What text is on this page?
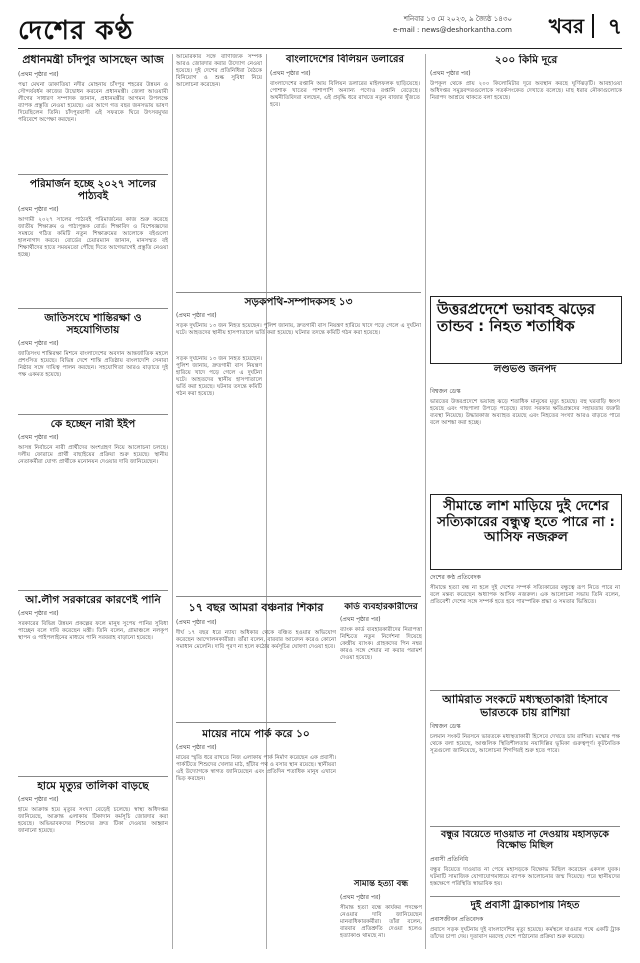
দেশের কণ্ঠ	শনিবার ১৩ মে ২০২৩, ৯ জ্যৈষ্ঠ ১৪৩০
e-mail : news@deshorkantha.com খবর ৭
প্রধানমন্ত্রী চাঁদপুর আসছেন আজ
(প্রথম পৃষ্ঠার পর)
পদ্মা মেঘনা ডাকাতিয়া নদীর মোহনায় চাঁদপুর শহরের উন্নয়ন ও সৌন্দর্যবর্ধন কাজের উদ্বোধন করবেন প্রধানমন্ত্রী। জেলা আওয়ামী লীগের সাধারণ সম্পাদক জানান, প্রধানমন্ত্রীর আগমন উপলক্ষে ব্যাপক প্রস্তুতি নেওয়া হয়েছে। এর আগে গত বছর জনসভায় ভাষণ দিয়েছিলেন তিনি। চাঁদপুরবাসী এই সফরকে ঘিরে উৎসবমুখর পরিবেশে অপেক্ষা করছেন।
পরিমার্জন হচ্ছে ২০২৭ সালের পাঠ্যবই
(প্রথম পৃষ্ঠার পর)
আগামী ২০২৭ সালের পাঠ্যবই পরিমার্জনের কাজ শুরু করেছে জাতীয় শিক্ষাক্রম ও পাঠ্যপুস্তক বোর্ড। শিক্ষাবিদ ও বিশেষজ্ঞদের সমন্বয়ে গঠিত কমিটি নতুন শিক্ষাক্রমের আলোকে বইগুলো হালনাগাদ করবে। বোর্ডের চেয়ারম্যান জানান, মানসম্মত বই শিক্ষার্থীদের হাতে সময়মতো পৌঁছে দিতে আগেভাগেই প্রস্তুতি নেওয়া হচ্ছে।
জাতিসংঘে শান্তিরক্ষা ও সহযোগিতায়
(প্রথম পৃষ্ঠার পর)
জাতিসংঘ শান্তিরক্ষা মিশনে বাংলাদেশের অবদান আন্তর্জাতিক মহলে প্রশংসিত হয়েছে। বিভিন্ন দেশে শান্তি প্রতিষ্ঠায় বাংলাদেশি সেনারা নিষ্ঠার সঙ্গে দায়িত্ব পালন করছেন। সহযোগিতা আরও বাড়াতে দুই পক্ষ একমত হয়েছে।
কে হচ্ছেন নারী ইইপ
(প্রথম পৃষ্ঠার পর)
আসন্ন নির্বাচনে নারী প্রার্থীদের অংশগ্রহণ নিয়ে আলোচনা চলছে। দলীয় ফোরামে প্রার্থী বাছাইয়ের প্রক্রিয়া শুরু হয়েছে। স্থানীয় নেতাকর্মীরা যোগ্য প্রার্থীকে মনোনয়ন দেওয়ার দাবি জানিয়েছেন।
আ.লীগ সরকারের কারণেই পানি
(প্রথম পৃষ্ঠার পর)
সরকারের বিভিন্ন উন্নয়ন প্রকল্পের ফলে মানুষ সুপেয় পানির সুবিধা পাচ্ছেন বলে দাবি করেছেন মন্ত্রী। তিনি বলেন, গ্রামাঞ্চলে নলকূপ স্থাপন ও পাইপলাইনের মাধ্যমে পানি সরবরাহ বাড়ানো হয়েছে।
হামে মৃত্যুর তালিকা বাড়ছে
(প্রথম পৃষ্ঠার পর)
হামে আক্রান্ত হয়ে মৃত্যুর সংখ্যা বেড়েই চলেছে। স্বাস্থ্য অধিদপ্তর জানিয়েছে, আক্রান্ত এলাকায় টিকাদান কর্মসূচি জোরদার করা হয়েছে। অভিভাবকদের শিশুদের দ্রুত টিকা দেওয়ার আহ্বান জানানো হয়েছে।
আমেরিকার সঙ্গে বাণিজ্যিক সম্পর্ক আরও জোরদার করার উদ্যোগ নেওয়া হয়েছে। দুই দেশের প্রতিনিধিরা বৈঠকে বিনিয়োগ ও শুল্ক সুবিধা নিয়ে আলোচনা করেছেন।
বাংলাদেশের বিলিয়ন ডলারের
(প্রথম পৃষ্ঠার পর)
বাংলাদেশের রপ্তানি আয় বিলিয়ন ডলারের মাইলফলক ছাড়িয়েছে। পোশাক খাতের পাশাপাশি অন্যান্য পণ্যেও রপ্তানি বেড়েছে। অর্থনীতিবিদরা বলছেন, এই প্রবৃদ্ধি ধরে রাখতে নতুন বাজার খুঁজতে হবে।
সড়কপথি-সম্পাদকসহ ১৩
(প্রথম পৃষ্ঠার পর)
সড়ক দুর্ঘটনায় ১৩ জন নিহত হয়েছেন। পুলিশ জানায়, দ্রুতগামী বাস নিয়ন্ত্রণ হারিয়ে খাদে পড়ে গেলে এ দুর্ঘটনা ঘটে। আহতদের স্থানীয় হাসপাতালে ভর্তি করা হয়েছে। ঘটনার তদন্তে কমিটি গঠন করা হয়েছে।
১৭ বছর আমরা বঞ্চনার শিকার
(প্রথম পৃষ্ঠার পর)
দীর্ঘ ১৭ বছর ধরে ন্যায্য অধিকার থেকে বঞ্চিত হওয়ার অভিযোগ করেছেন আন্দোলনকারীরা। তাঁরা বলেন, বারবার আবেদন করেও কোনো সমাধান মেলেনি। দাবি পূরণ না হলে কঠোর কর্মসূচির ঘোষণা দেওয়া হবে।
মায়ের নামে পার্ক করে ১০
(প্রথম পৃষ্ঠার পর)
মায়ের স্মৃতি ধরে রাখতে নিজ এলাকায় পার্ক নির্মাণ করেছেন এক প্রবাসী। পার্কটিতে শিশুদের খেলার মাঠ, হাঁটার পথ ও বসার স্থান রয়েছে। স্থানীয়রা এই উদ্যোগকে স্বাগত জানিয়েছেন এবং প্রতিদিন শতাধিক মানুষ এখানে ভিড় করছেন।
কার্ড ব্যবহারকারীদের
(প্রথম পৃষ্ঠার পর)
ব্যাংক কার্ড ব্যবহারকারীদের নিরাপত্তা নিশ্চিতে নতুন নির্দেশনা দিয়েছে কেন্দ্রীয় ব্যাংক। গ্রাহকদের পিন নম্বর কারও সঙ্গে শেয়ার না করার পরামর্শ দেওয়া হয়েছে।
২০০ কিমি দূরে
(প্রথম পৃষ্ঠার পর)
উপকূল থেকে প্রায় ২০০ কিলোমিটার দূরে অবস্থান করছে ঘূর্ণিঝড়টি। আবহাওয়া অধিদপ্তর সমুদ্রবন্দরগুলোকে সতর্কসংকেত দেখাতে বলেছে। মাছ ধরার নৌকাগুলোকে নিরাপদ আশ্রয়ে থাকতে বলা হয়েছে।
উত্তরপ্রদেশে ভয়াবহ ঝড়ের তান্ডব : নিহত শতাধিক
লণ্ডভণ্ড জনপদ
বিশ্বজন ডেস্ক
ভারতের উত্তরপ্রদেশে ভয়াবহ ঝড়ে শতাধিক মানুষের মৃত্যু হয়েছে। বহু ঘরবাড়ি ধ্বংস হয়েছে এবং গাছপালা উপড়ে পড়েছে। রাজ্য সরকার ক্ষতিগ্রস্তদের সহায়তায় জরুরি ব্যবস্থা নিয়েছে। উদ্ধারকাজ অব্যাহত রয়েছে এবং নিহতের সংখ্যা আরও বাড়তে পারে বলে আশঙ্কা করা হচ্ছে।
সীমান্তে লাশ মাড়িয়ে দুই দেশের সত্যিকারের বন্ধুত্ব হতে পারে না : আসিফ নজরুল
দেশের কণ্ঠ প্রতিবেদক
সীমান্তে হত্যা বন্ধ না হলে দুই দেশের সম্পর্ক সত্যিকারের বন্ধুত্বে রূপ নিতে পারে না বলে মন্তব্য করেছেন অধ্যাপক আসিফ নজরুল। এক আলোচনা সভায় তিনি বলেন, প্রতিবেশী দেশের সঙ্গে সম্পর্ক হতে হবে পারস্পরিক শ্রদ্ধা ও সমতার ভিত্তিতে।
আমিরাত সংকটে মধ্যস্থতাকারী হিসাবে ভারতকে চায় রাশিয়া
বিশ্বজন ডেস্ক
চলমান সংকট নিরসনে ভারতকে মধ্যস্থতাকারী হিসেবে দেখতে চায় রাশিয়া। মস্কোর পক্ষ থেকে বলা হয়েছে, আঞ্চলিক স্থিতিশীলতায় নয়াদিল্লির ভূমিকা গুরুত্বপূর্ণ। কূটনৈতিক সূত্রগুলো জানিয়েছে, আলোচনা শিগগিরই শুরু হতে পারে।
বন্ধুর বিয়েতে দাওয়াত না দেওয়ায় মহাসড়কে বিক্ষোভ মিছিল
প্রবাসী প্রতিনিধি
বন্ধুর বিয়েতে দাওয়াত না পেয়ে মহাসড়কে বিক্ষোভ মিছিল করেছেন একদল যুবক। ঘটনাটি সামাজিক যোগাযোগমাধ্যমে ব্যাপক আলোচনার জন্ম দিয়েছে। পরে স্থানীয়দের হস্তক্ষেপে পরিস্থিতি স্বাভাবিক হয়।
দুই প্রবাসী ট্রাকচাপায় নিহত
প্রবাসজীবন প্রতিবেদক
প্রবাসে সড়ক দুর্ঘটনায় দুই বাংলাদেশির মৃত্যু হয়েছে। কর্মস্থলে যাওয়ার পথে একটি ট্রাক তাঁদের চাপা দেয়। দূতাবাস মরদেহ দেশে পাঠানোর প্রক্রিয়া শুরু করেছে।
সীমান্ত হত্যা বন্ধ
(প্রথম পৃষ্ঠার পর)
সীমান্ত হত্যা বন্ধে কার্যকর পদক্ষেপ নেওয়ার দাবি জানিয়েছেন মানবাধিকারকর্মীরা। তাঁরা বলেন, বারবার প্রতিশ্রুতি দেওয়া হলেও হত্যাকাণ্ড থামছে না।
সড়ক দুর্ঘটনায় ১৩ জন নিহত হয়েছেন। পুলিশ জানায়, দ্রুতগামী বাস নিয়ন্ত্রণ হারিয়ে খাদে পড়ে গেলে এ দুর্ঘটনা ঘটে। আহতদের স্থানীয় হাসপাতালে ভর্তি করা হয়েছে। ঘটনার তদন্তে কমিটি গঠন করা হয়েছে।
